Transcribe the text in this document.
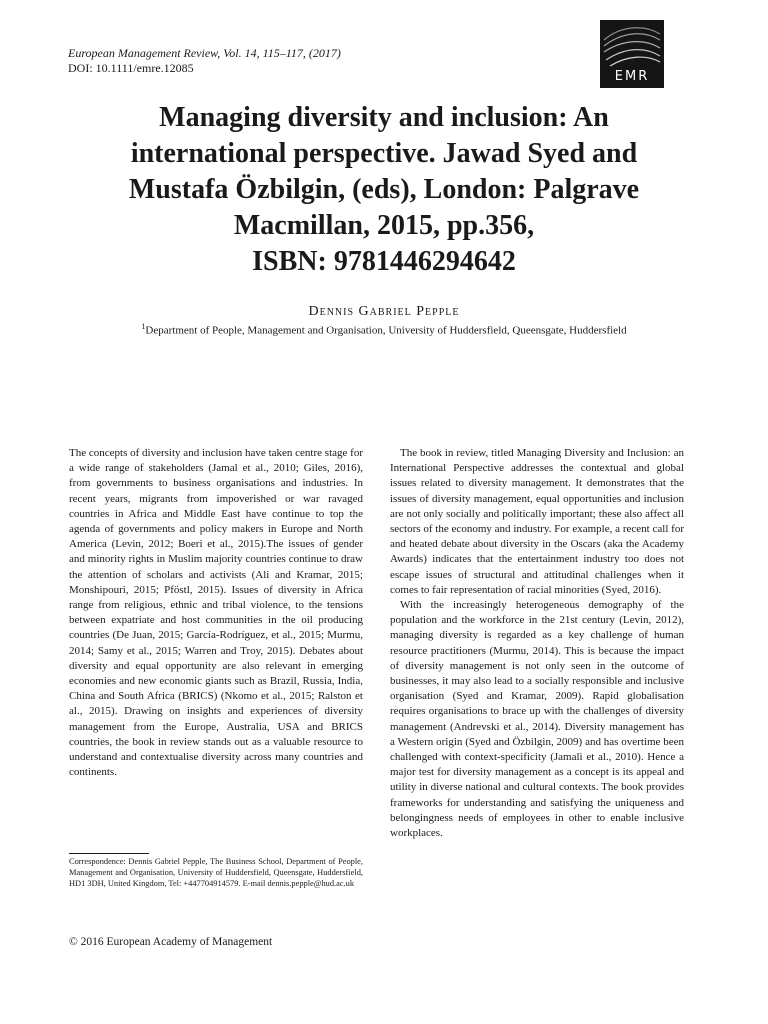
European Management Review, Vol. 14, 115–117, (2017)
DOI: 10.1111/emre.12085
EMR
Managing diversity and inclusion: An
international perspective. Jawad Syed and
Mustafa Özbilgin, (eds), London: Palgrave
Macmillan, 2015, pp.356,
ISBN: 9781446294642
Dennis Gabriel Pepple
$^1$Department of People, Management and Organisation, University of Huddersfield, Queensgate, Huddersfield

The concepts of diversity and inclusion have taken centre stage for a wide range of stakeholders (Jamal et al., 2010; Giles, 2016), from governments to business organisations and industries. In recent years, migrants from impoverished or war ravaged countries in Africa and Middle East have continue to top the agenda of governments and policy makers in Europe and North America (Levin, 2012; Boeri et al., 2015).The issues of gender and minority rights in Muslim majority countries continue to draw the attention of scholars and activists (Ali and Kramar, 2015; Monshipouri, 2015; Pföstl, 2015). Issues of diversity in Africa range from religious, ethnic and tribal violence, to the tensions between expatriate and host communities in the oil producing countries (De Juan, 2015; García-Rodríguez, et al., 2015; Murmu, 2014; Samy et al., 2015; Warren and Troy, 2015). Debates about diversity and equal opportunity are also relevant in emerging economies and new economic giants such as Brazil, Russia, India, China and South Africa (BRICS) (Nkomo et al., 2015; Ralston et al., 2015). Drawing on insights and experiences of diversity management from the Europe, Australia, USA and BRICS countries, the book in review stands out as a valuable resource to understand and contextualise diversity across many countries and continents.

The book in review, titled Managing Diversity and Inclusion: an International Perspective addresses the contextual and global issues related to diversity management. It demonstrates that the issues of diversity management, equal opportunities and inclusion are not only socially and politically important; these also affect all sectors of the economy and industry. For example, a recent call for and heated debate about diversity in the Oscars (aka the Academy Awards) indicates that the entertainment industry too does not escape issues of structural and attitudinal challenges when it comes to fair representation of racial minorities (Syed, 2016).

With the increasingly heterogeneous demography of the population and the workforce in the 21st century (Levin, 2012), managing diversity is regarded as a key challenge of human resource practitioners (Murmu, 2014). This is because the impact of diversity management is not only seen in the outcome of businesses, it may also lead to a socially responsible and inclusive organisation (Syed and Kramar, 2009). Rapid globalisation requires organisations to brace up with the challenges of diversity management (Andrevski et al., 2014). Diversity management has a Western origin (Syed and Özbilgin, 2009) and has overtime been challenged with context-specificity (Jamali et al., 2010). Hence a major test for diversity management as a concept is its appeal and utility in diverse national and cultural contexts. The book provides frameworks for understanding and satisfying the uniqueness and belongingness needs of employees in other to enable inclusive workplaces.

Correspondence: Dennis Gabriel Pepple, The Business School, Department of People, Management and Organisation, University of Huddersfield, Queensgate, Huddersfield, HD1 3DH, United Kingdom, Tel: +447704914579. E-mail dennis.pepple@hud.ac.uk
© 2016 European Academy of Management
